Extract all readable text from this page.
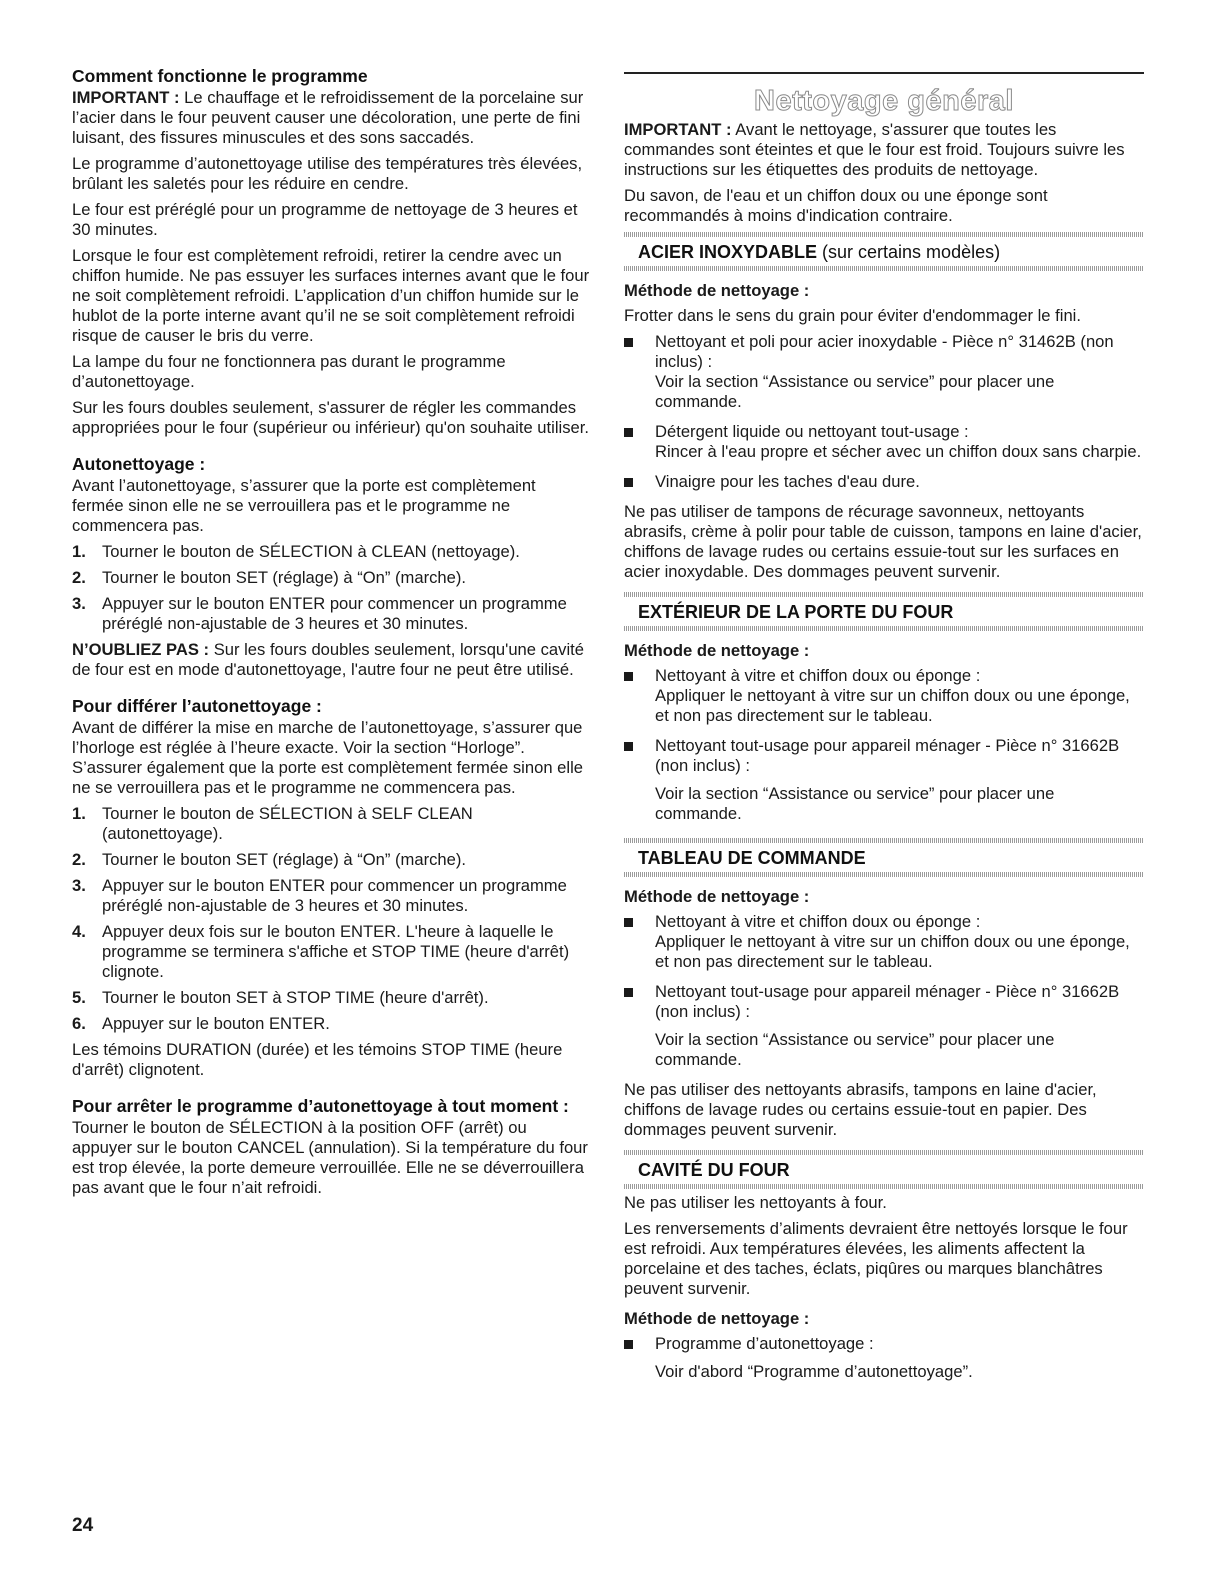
Comment fonctionne le programme

IMPORTANT : Le chauffage et le refroidissement de la porcelaine sur l’acier dans le four peuvent causer une décoloration, une perte de fini luisant, des fissures minuscules et des sons saccadés.

Le programme d’autonettoyage utilise des températures très élevées, brûlant les saletés pour les réduire en cendre.

Le four est préréglé pour un programme de nettoyage de 3 heures et 30 minutes.

Lorsque le four est complètement refroidi, retirer la cendre avec un chiffon humide. Ne pas essuyer les surfaces internes avant que le four ne soit complètement refroidi. L’application d’un chiffon humide sur le hublot de la porte interne avant qu’il ne se soit complètement refroidi risque de causer le bris du verre.

La lampe du four ne fonctionnera pas durant le programme d’autonettoyage.

Sur les fours doubles seulement, s'assurer de régler les commandes appropriées pour le four (supérieur ou inférieur) qu'on souhaite utiliser.

Autonettoyage :

Avant l’autonettoyage, s’assurer que la porte est complètement fermée sinon elle ne se verrouillera pas et le programme ne commencera pas.

1. Tourner le bouton de SÉLECTION à CLEAN (nettoyage).
2. Tourner le bouton SET (réglage) à “On” (marche).
3. Appuyer sur le bouton ENTER pour commencer un programme préréglé non-ajustable de 3 heures et 30 minutes.

N’OUBLIEZ PAS : Sur les fours doubles seulement, lorsqu'une cavité de four est en mode d'autonettoyage, l'autre four ne peut être utilisé.

Pour différer l’autonettoyage :

Avant de différer la mise en marche de l’autonettoyage, s’assurer que l’horloge est réglée à l’heure exacte. Voir la section “Horloge”. S’assurer également que la porte est complètement fermée sinon elle ne se verrouillera pas et le programme ne commencera pas.

1. Tourner le bouton de SÉLECTION à SELF CLEAN (autonettoyage).
2. Tourner le bouton SET (réglage) à “On” (marche).
3. Appuyer sur le bouton ENTER pour commencer un programme préréglé non-ajustable de 3 heures et 30 minutes.
4. Appuyer deux fois sur le bouton ENTER. L'heure à laquelle le programme se terminera s'affiche et STOP TIME (heure d'arrêt) clignote.
5. Tourner le bouton SET à STOP TIME (heure d'arrêt).
6. Appuyer sur le bouton ENTER.

Les témoins DURATION (durée) et les témoins STOP TIME (heure d'arrêt) clignotent.

Pour arrêter le programme d’autonettoyage à tout moment :

Tourner le bouton de SÉLECTION à la position OFF (arrêt) ou appuyer sur le bouton CANCEL (annulation). Si la température du four est trop élevée, la porte demeure verrouillée. Elle ne se déverrouillera pas avant que le four n’ait refroidi.

Nettoyage général

IMPORTANT : Avant le nettoyage, s'assurer que toutes les commandes sont éteintes et que le four est froid. Toujours suivre les instructions sur les étiquettes des produits de nettoyage.

Du savon, de l'eau et un chiffon doux ou une éponge sont recommandés à moins d'indication contraire.

ACIER INOXYDABLE (sur certains modèles)
Méthode de nettoyage :

Frotter dans le sens du grain pour éviter d'endommager le fini.

Nettoyant et poli pour acier inoxydable - Pièce n° 31462B (non inclus) :
Voir la section “Assistance ou service” pour placer une commande.
Détergent liquide ou nettoyant tout-usage :
Rincer à l'eau propre et sécher avec un chiffon doux sans charpie.
Vinaigre pour les taches d'eau dure.

Ne pas utiliser de tampons de récurage savonneux, nettoyants abrasifs, crème à polir pour table de cuisson, tampons en laine d'acier, chiffons de lavage rudes ou certains essuie-tout sur les surfaces en acier inoxydable. Des dommages peuvent survenir.

EXTÉRIEUR DE LA PORTE DU FOUR
Méthode de nettoyage :
Nettoyant à vitre et chiffon doux ou éponge :
Appliquer le nettoyant à vitre sur un chiffon doux ou une éponge, et non pas directement sur le tableau.
Nettoyant tout-usage pour appareil ménager - Pièce n° 31662B (non inclus) :
Voir la section “Assistance ou service” pour placer une commande.
TABLEAU DE COMMANDE
Méthode de nettoyage :
Nettoyant à vitre et chiffon doux ou éponge :
Appliquer le nettoyant à vitre sur un chiffon doux ou une éponge, et non pas directement sur le tableau.
Nettoyant tout-usage pour appareil ménager - Pièce n° 31662B (non inclus) :
Voir la section “Assistance ou service” pour placer une commande.

Ne pas utiliser des nettoyants abrasifs, tampons en laine d'acier, chiffons de lavage rudes ou certains essuie-tout en papier. Des dommages peuvent survenir.

CAVITÉ DU FOUR

Ne pas utiliser les nettoyants à four.

Les renversements d’aliments devraient être nettoyés lorsque le four est refroidi. Aux températures élevées, les aliments affectent la porcelaine et des taches, éclats, piqûres ou marques blanchâtres peuvent survenir.

Méthode de nettoyage :
Programme d’autonettoyage :
Voir d'abord “Programme d’autonettoyage”.
24
